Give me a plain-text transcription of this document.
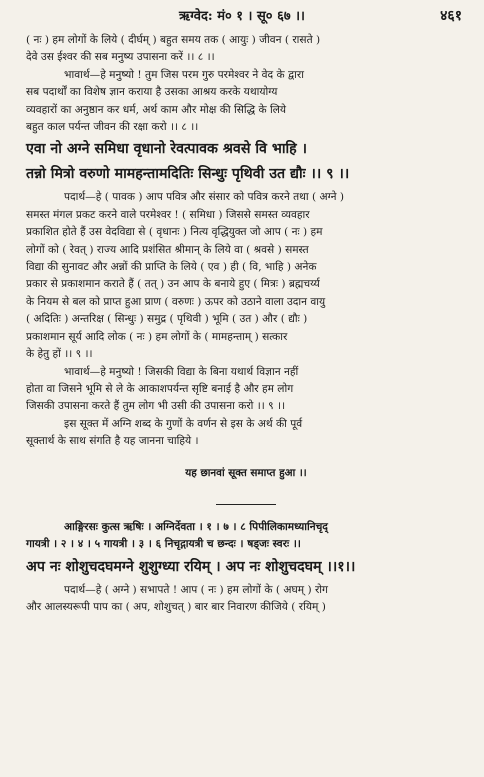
ऋग्वेद: मं० १ । सू० ६७ ।।	४६१

( नः ) हम लोगों के लिये ( दीर्घम् ) बहुत समय तक ( आयुः ) जीवन ( रासते )

देवे उस ईश्वर की सब मनुष्य उपासना करें ।। ८ ।।

भावार्थ—हे मनुष्यो ! तुम जिस परम गुरु परमेश्वर ने वेद के द्वारा

सब पदार्थों का विशेष ज्ञान कराया है उसका आश्रय करके यथायोग्य

व्यवहारों का अनुष्ठान कर धर्म, अर्थ काम और मोक्ष की सिद्धि के लिये

बहुत काल पर्यन्त जीवन की रक्षा करो ।। ८ ।।

एवा नो अग्ने समिधा वृधानो रेवत्पावक श्रवसे वि भाहि ।
तन्नो मित्रो वरुणो मामहन्तामदितिः सिन्धुः पृथिवी उत द्यौः ।। ९ ।।

पदार्थ—हे ( पावक ) आप पवित्र और संसार को पवित्र करने तथा ( अग्ने )

समस्त मंगल प्रकट करने वाले परमेश्वर ! ( समिधा ) जिससे समस्त व्यवहार

प्रकाशित होते हैं उस वेदविद्या से ( वृधानः ) नित्य वृद्धियुक्त जो आप ( नः ) हम

लोगों को ( रेवत् ) राज्य आदि प्रशंसित श्रीमान् के लिये वा ( श्रवसे ) समस्त

विद्या की सुनावट और अन्नों की प्राप्ति के लिये ( एव ) ही ( वि, भाहि ) अनेक

प्रकार से प्रकाशमान कराते हैं ( तत् ) उन आप के बनाये हुए ( मित्रः ) ब्रह्मचर्य्य

के नियम से बल को प्राप्त हुआ प्राण ( वरुणः ) ऊपर को उठाने वाला उदान वायु

( अदितिः ) अन्तरिक्ष ( सिन्धुः ) समुद्र ( पृथिवी ) भूमि ( उत ) और ( द्यौः )

प्रकाशमान सूर्य आदि लोक ( नः ) हम लोगों के ( मामहन्ताम् ) सत्कार

के हेतु हों ।। ९ ।।

भावार्थ—हे मनुष्यो ! जिसकी विद्या के बिना यथार्थ विज्ञान नहीं

होता वा जिसने भूमि से ले के आकाशपर्यन्त सृष्टि बनाई है और हम लोग

जिसकी उपासना करते हैं तुम लोग भी उसी की उपासना करो ।। ९ ।।

इस सूक्त में अग्नि शब्द के गुणों के वर्णन से इस के अर्थ की पूर्व

सूक्तार्थ के साथ संगति है यह जानना चाहिये ।

यह छानवां सूक्त समाप्त हुआ ।।

आङ्गिरसः कुत्स ऋषिः । अग्निर्देवता । १ । ७ । ८ पिपीलिकामध्यानिचृद्

गायत्री । २ । ४ । ५ गायत्री । ३ । ६ निचृद्गायत्री च छन्दः । षड्जः स्वरः ।।

अप नः शोशुचदघमग्ने शुशुग्ध्या रयिम् । अप नः शोशुचदघम् ।।१।।

पदार्थ—हे ( अग्ने ) सभापते ! आप ( नः ) हम लोगों के ( अघम् ) रोग

और आलस्यरूपी पाप का ( अप, शोशुचत् ) बार बार निवारण कीजिये ( रयिम् )
